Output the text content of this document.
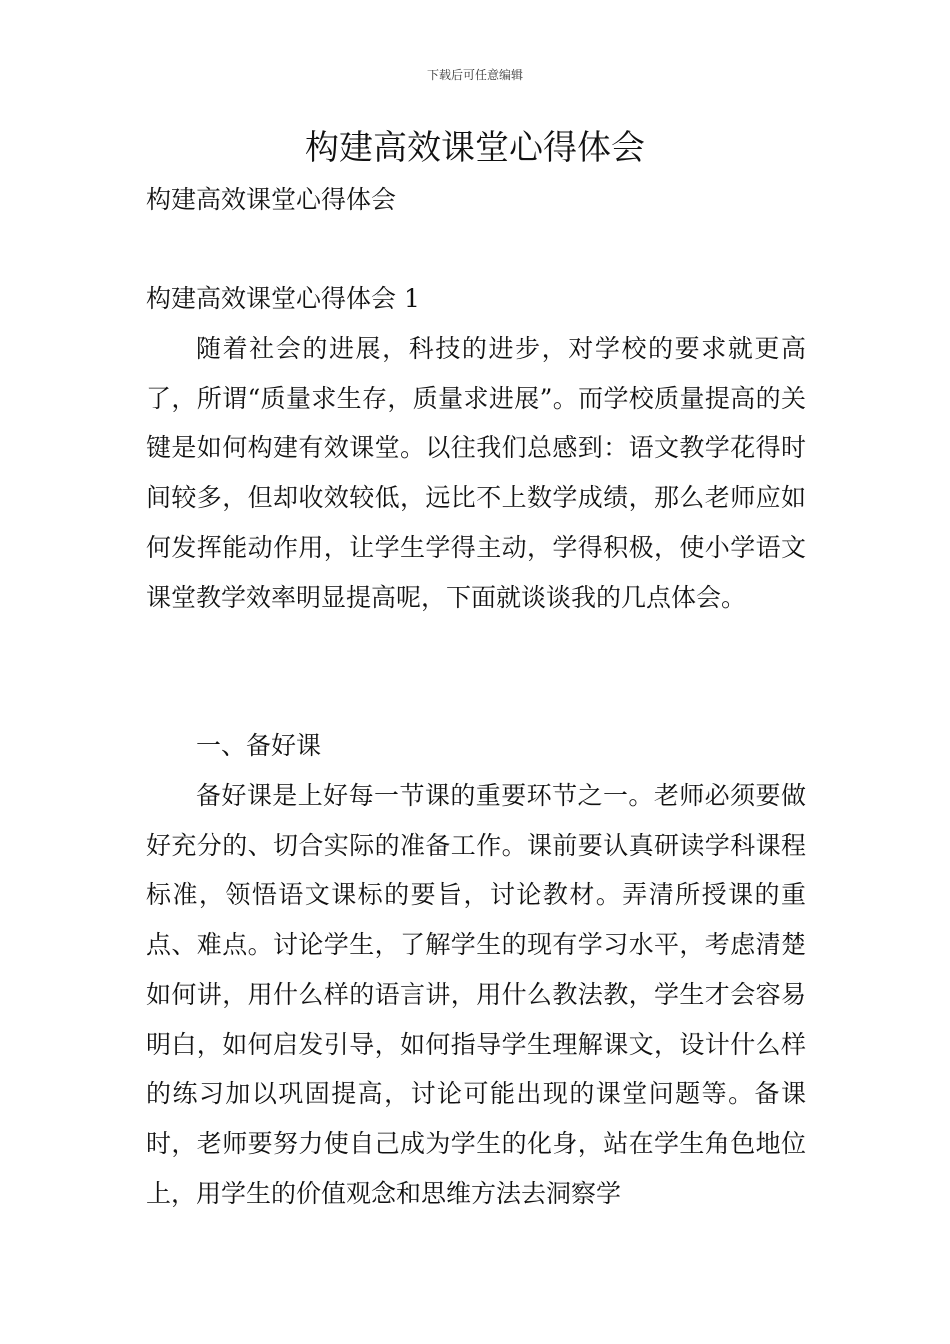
下载后可任意编辑
构建高效课堂心得体会

构建高效课堂心得体会

构建高效课堂心得体会 1

随着社会的进展，科技的进步，对学校的要求就更高了，所谓“质量求生存，质量求进展”。而学校质量提高的关键是如何构建有效课堂。以往我们总感到：语文教学花得时间较多，但却收效较低，远比不上数学成绩，那么老师应如何发挥能动作用，让学生学得主动，学得积极，使小学语文课堂教学效率明显提高呢，下面就谈谈我的几点体会。

一、备好课

备好课是上好每一节课的重要环节之一。老师必须要做好充分的、切合实际的准备工作。课前要认真研读学科课程标准，领悟语文课标的要旨，讨论教材。弄清所授课的重点、难点。讨论学生，了解学生的现有学习水平，考虑清楚如何讲，用什么样的语言讲，用什么教法教，学生才会容易明白，如何启发引导，如何指导学生理解课文，设计什么样的练习加以巩固提高，讨论可能出现的课堂问题等。备课时，老师要努力使自己成为学生的化身，站在学生角色地位上，用学生的价值观念和思维方法去洞察学
